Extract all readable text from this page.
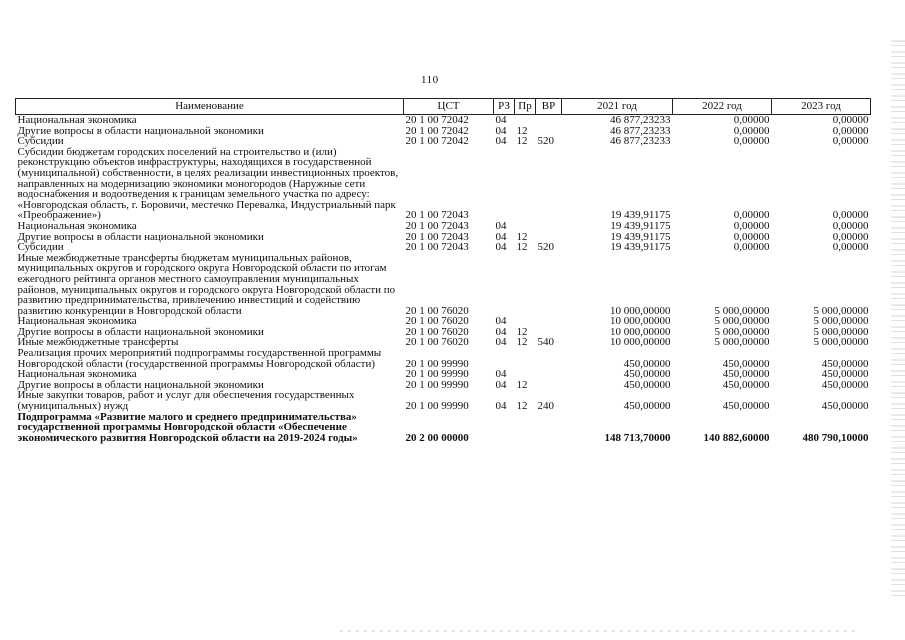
110
Наименование	ЦСТ	РЗ	Пр	ВР	2021 год	2022 год	2023 год
Национальная экономика	20 1 00 72042	04			46 877,23233	0,00000	0,00000
Другие вопросы в области национальной экономики	20 1 00 72042	04	12		46 877,23233	0,00000	0,00000
Субсидии	20 1 00 72042	04	12	520	46 877,23233	0,00000	0,00000
Субсидии бюджетам городских поселений на строительство и (или) реконструкцию объектов инфраструктуры, находящихся в государственной (муниципальной) собственности, в целях реализации инвестиционных проектов, направленных на модернизацию экономики моногородов (Наружные сети водоснабжения и водоотведения к границам земельного участка по адресу: «Новгородская область, г. Боровичи, местечко Перевалка, Индустриальный парк «Преображение»)	20 1 00 72043				19 439,91175	0,00000	0,00000
Национальная экономика	20 1 00 72043	04			19 439,91175	0,00000	0,00000
Другие вопросы в области национальной экономики	20 1 00 72043	04	12		19 439,91175	0,00000	0,00000
Субсидии	20 1 00 72043	04	12	520	19 439,91175	0,00000	0,00000
Иные межбюджетные трансферты бюджетам муниципальных районов, муниципальных округов и городского округа Новгородской области по итогам ежегодного рейтинга органов местного самоуправления муниципальных районов, муниципальных округов и городского округа Новгородской области по развитию предпринимательства, привлечению инвестиций и содействию развитию конкуренции в Новгородской области	20 1 00 76020				10 000,00000	5 000,00000	5 000,00000
Национальная экономика	20 1 00 76020	04			10 000,00000	5 000,00000	5 000,00000
Другие вопросы в области национальной экономики	20 1 00 76020	04	12		10 000,00000	5 000,00000	5 000,00000
Иные межбюджетные трансферты	20 1 00 76020	04	12	540	10 000,00000	5 000,00000	5 000,00000
Реализация прочих мероприятий подпрограммы государственной программы Новгородской области (государственной программы Новгородской области)	20 1 00 99990				450,00000	450,00000	450,00000
Национальная экономика	20 1 00 99990	04			450,00000	450,00000	450,00000
Другие вопросы в области национальной экономики	20 1 00 99990	04	12		450,00000	450,00000	450,00000
Иные закупки товаров, работ и услуг для обеспечения государственных (муниципальных) нужд	20 1 00 99990	04	12	240	450,00000	450,00000	450,00000
Подпрограмма «Развитие малого и среднего предпринимательства» государственной программы Новгородской области «Обеспечение экономического развития Новгородской области на 2019-2024 годы»	20 2 00 00000				148 713,70000	140 882,60000	480 790,10000
